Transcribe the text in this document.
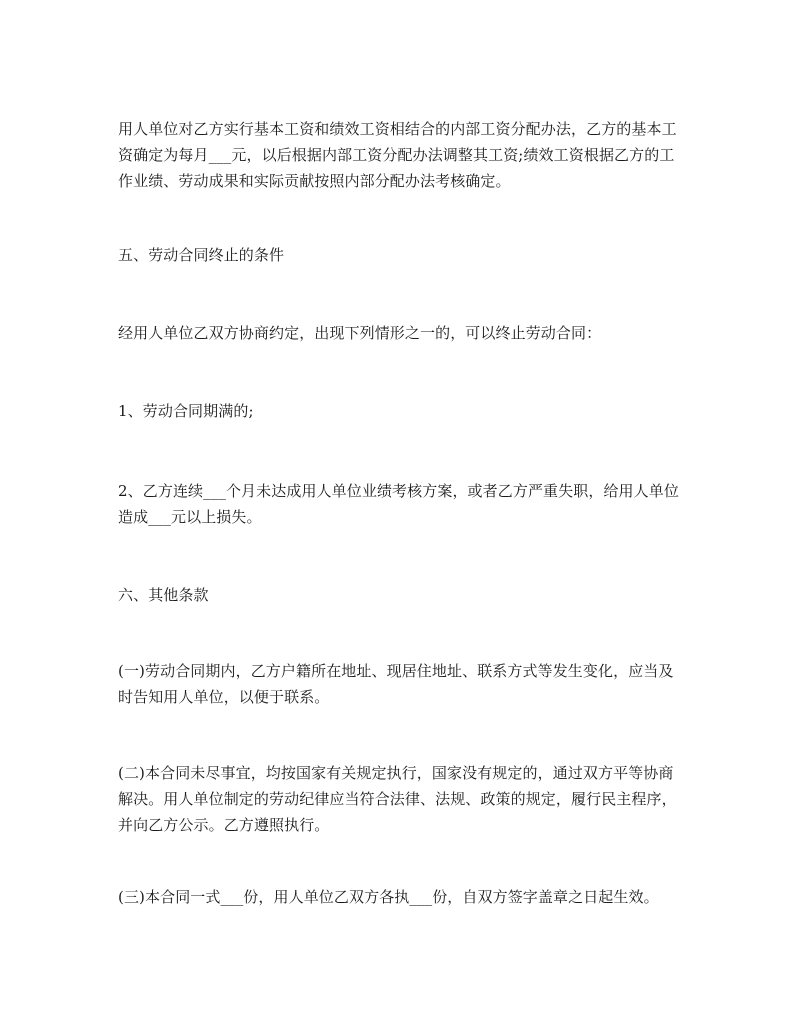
用人单位对乙方实行基本工资和绩效工资相结合的内部工资分配办法，乙方的基本工资确定为每月___元，以后根据内部工资分配办法调整其工资;绩效工资根据乙方的工作业绩、劳动成果和实际贡献按照内部分配办法考核确定。

五、劳动合同终止的条件

经用人单位乙双方协商约定，出现下列情形之一的，可以终止劳动合同：

1、劳动合同期满的;

2、乙方连续___个月未达成用人单位业绩考核方案，或者乙方严重失职，给用人单位造成___元以上损失。

六、其他条款

(一)劳动合同期内，乙方户籍所在地址、现居住地址、联系方式等发生变化，应当及时告知用人单位，以便于联系。

(二)本合同未尽事宜，均按国家有关规定执行，国家没有规定的，通过双方平等协商解决。用人单位制定的劳动纪律应当符合法律、法规、政策的规定，履行民主程序，并向乙方公示。乙方遵照执行。

(三)本合同一式___份，用人单位乙双方各执___份，自双方签字盖章之日起生效。
